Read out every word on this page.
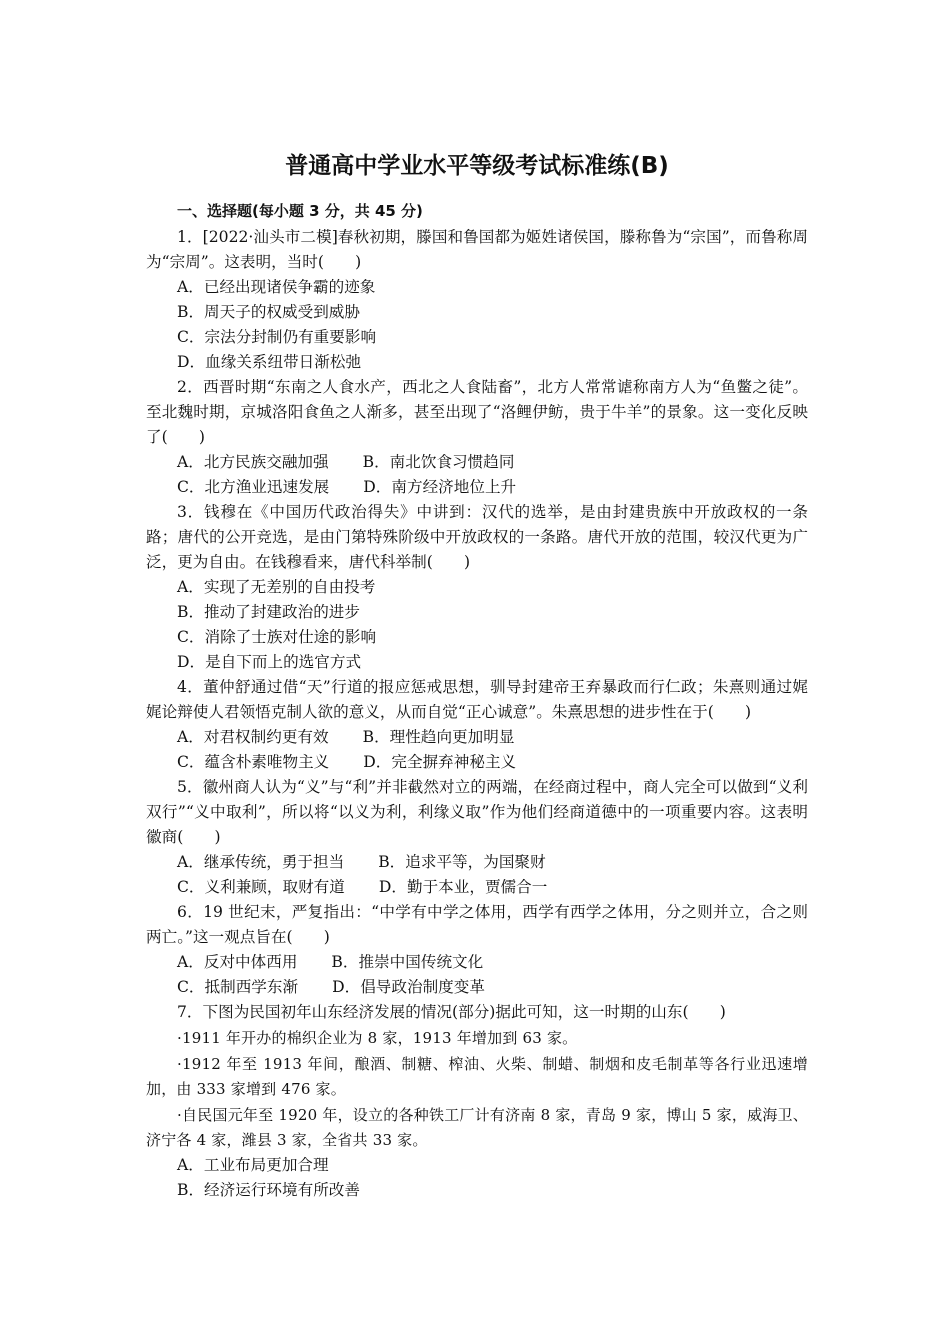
普通高中学业水平等级考试标准练(B)
一、选择题(每小题 3 分，共 45 分)

1．[2022·汕头市二模]春秋初期，滕国和鲁国都为姬姓诸侯国，滕称鲁为“宗国”，而鲁称周为“宗周”。这表明，当时(　　)

A．已经出现诸侯争霸的迹象

B．周天子的权威受到威胁

C．宗法分封制仍有重要影响

D．血缘关系纽带日渐松弛

2．西晋时期“东南之人食水产，西北之人食陆畜”，北方人常常谑称南方人为“鱼鳖之徒”。至北魏时期，京城洛阳食鱼之人渐多，甚至出现了“洛鲤伊鲂，贵于牛羊”的景象。这一变化反映了(　　)

A．北方民族交融加强 B．南北饮食习惯趋同

C．北方渔业迅速发展 D．南方经济地位上升

3．钱穆在《中国历代政治得失》中讲到：汉代的选举，是由封建贵族中开放政权的一条路；唐代的公开竞选，是由门第特殊阶级中开放政权的一条路。唐代开放的范围，较汉代更为广泛，更为自由。在钱穆看来，唐代科举制(　　)

A．实现了无差别的自由投考

B．推动了封建政治的进步

C．消除了士族对仕途的影响

D．是自下而上的选官方式

4．董仲舒通过借“天”行道的报应惩戒思想，驯导封建帝王弃暴政而行仁政；朱熹则通过娓娓论辩使人君领悟克制人欲的意义，从而自觉“正心诚意”。朱熹思想的进步性在于(　　)

A．对君权制约更有效 B．理性趋向更加明显

C．蕴含朴素唯物主义 D．完全摒弃神秘主义

5．徽州商人认为“义”与“利”并非截然对立的两端，在经商过程中，商人完全可以做到“义利双行”“义中取利”，所以将“以义为利，利缘义取”作为他们经商道德中的一项重要内容。这表明徽商(　　)

A．继承传统，勇于担当 B．追求平等，为国聚财

C．义利兼顾，取财有道 D．勤于本业，贾儒合一

6．19 世纪末，严复指出：“中学有中学之体用，西学有西学之体用，分之则并立，合之则两亡。”这一观点旨在(　　)

A．反对中体西用 B．推崇中国传统文化

C．抵制西学东渐 D．倡导政治制度变革

7．下图为民国初年山东经济发展的情况(部分)据此可知，这一时期的山东(　　)

·1911 年开办的棉织企业为 8 家，1913 年增加到 63 家。

·1912 年至 1913 年间，酿酒、制糖、榨油、火柴、制蜡、制烟和皮毛制革等各行业迅速增加，由 333 家增到 476 家。

·自民国元年至 1920 年，设立的各种铁工厂计有济南 8 家，青岛 9 家，博山 5 家，威海卫、济宁各 4 家，潍县 3 家，全省共 33 家。

A．工业布局更加合理

B．经济运行环境有所改善
